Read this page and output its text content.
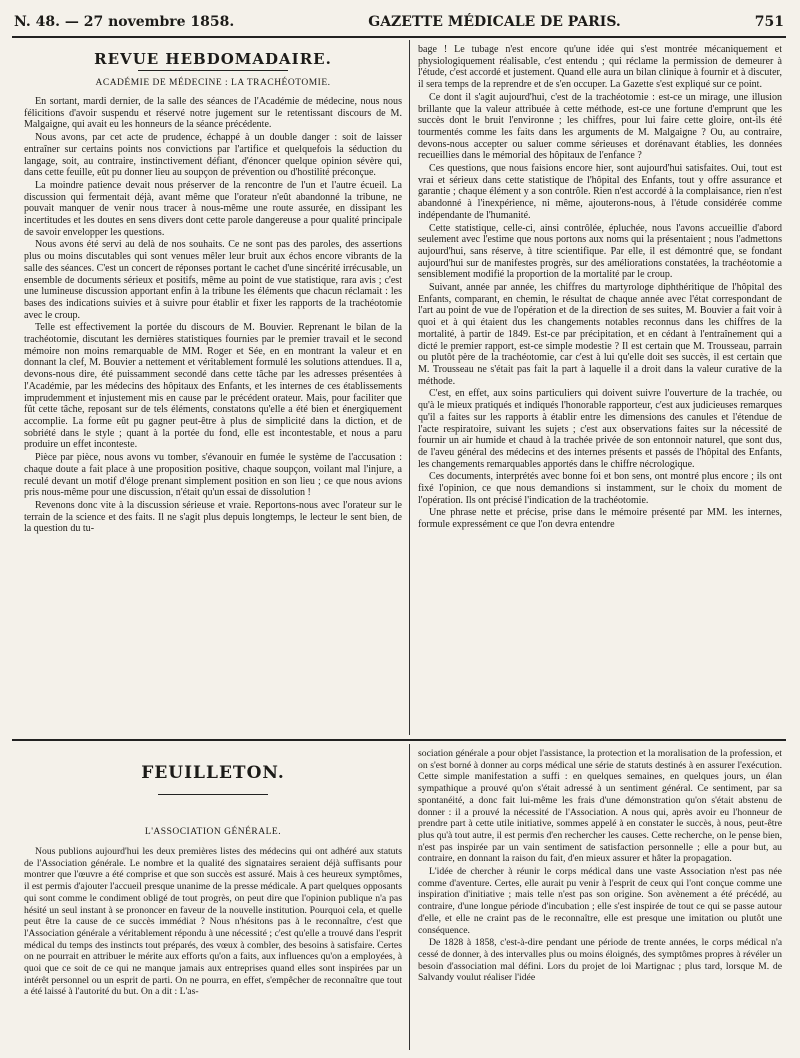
N. 48. — 27 novembre 1858.	GAZETTE MÉDICALE DE PARIS.	751
REVUE HEBDOMADAIRE.
ACADÉMIE DE MÉDECINE : LA TRACHÉOTOMIE.

En sortant, mardi dernier, de la salle des séances de l'Académie de médecine, nous nous félicitions d'avoir suspendu et réservé notre jugement sur le retentissant discours de M. Malgaigne, qui avait eu les honneurs de la séance précédente.

Nous avons, par cet acte de prudence, échappé à un double danger : soit de laisser entraîner sur certains points nos convictions par l'artifice et quelquefois la séduction du langage, soit, au contraire, instinctivement défiant, d'énoncer quelque opinion sévère qui, dans cette feuille, eût pu donner lieu au soupçon de prévention ou d'hostilité préconçue.

La moindre patience devait nous préserver de la rencontre de l'un et l'autre écueil. La discussion qui fermentait déjà, avant même que l'orateur n'eût abandonné la tribune, ne pouvait manquer de venir nous tracer à nous-même une route assurée, en dissipant les incertitudes et les doutes en sens divers dont cette parole dangereuse a pour qualité principale de savoir envelopper les questions.

Nous avons été servi au delà de nos souhaits. Ce ne sont pas des paroles, des assertions plus ou moins discutables qui sont venues mêler leur bruit aux échos encore vibrants de la salle des séances. C'est un concert de réponses portant le cachet d'une sincérité irrécusable, un ensemble de documents sérieux et positifs, même au point de vue statistique, rara avis ; c'est une lumineuse discussion apportant enfin à la tribune les éléments que chacun réclamait : les bases des indications suivies et à suivre pour établir et fixer les rapports de la trachéotomie avec le croup.

Telle est effectivement la portée du discours de M. Bouvier. Reprenant le bilan de la trachéotomie, discutant les dernières statistiques fournies par le premier travail et le second mémoire non moins remarquable de MM. Roger et Sée, en en montrant la valeur et en donnant la clef, M. Bouvier a nettement et véritablement formulé les solutions attendues. Il a, devons-nous dire, été puissamment secondé dans cette tâche par les adresses présentées à l'Académie, par les médecins des hôpitaux des Enfants, et les internes de ces établissements imprudemment et injustement mis en cause par le précédent orateur. Mais, pour faciliter que fût cette tâche, reposant sur de tels éléments, constatons qu'elle a été bien et énergiquement accomplie. La forme eût pu gagner peut-être à plus de simplicité dans la diction, et de sobriété dans le style ; quant à la portée du fond, elle est incontestable, et nous a paru produire un effet inconteste.

Pièce par pièce, nous avons vu tomber, s'évanouir en fumée le système de l'accusation : chaque doute a fait place à une proposition positive, chaque soupçon, voilant mal l'injure, a reculé devant un motif d'éloge prenant simplement position en son lieu ; ce que nous avions pris nous-même pour une discussion, n'était qu'un essai de dissolution !

Revenons donc vite à la discussion sérieuse et vraie. Reportons-nous avec l'orateur sur le terrain de la science et des faits. Il ne s'agit plus depuis longtemps, le lecteur le sent bien, de la question du tu-

bage ! Le tubage n'est encore qu'une idée qui s'est montrée mécaniquement et physiologiquement réalisable, c'est entendu ; qui réclame la permission de demeurer à l'étude, c'est accordé et justement. Quand elle aura un bilan clinique à fournir et à discuter, il sera temps de la reprendre et de s'en occuper. La Gazette s'est expliqué sur ce point.

Ce dont il s'agit aujourd'hui, c'est de la trachéotomie : est-ce un mirage, une illusion brillante que la valeur attribuée à cette méthode, est-ce une fortune d'emprunt que les succès dont le bruit l'environne ; les chiffres, pour lui faire cette gloire, ont-ils été tourmentés comme les faits dans les arguments de M. Malgaigne ? Ou, au contraire, devons-nous accepter ou saluer comme sérieuses et dorénavant établies, les données recueillies dans le mémorial des hôpitaux de l'enfance ?

Ces questions, que nous faisions encore hier, sont aujourd'hui satisfaites. Oui, tout est vrai et sérieux dans cette statistique de l'hôpital des Enfants, tout y offre assurance et garantie ; chaque élément y a son contrôle. Rien n'est accordé à la complaisance, rien n'est abandonné à l'inexpérience, ni même, ajouterons-nous, à l'étude considérée comme indépendante de l'humanité.

Cette statistique, celle-ci, ainsi contrôlée, épluchée, nous l'avons accueillie d'abord seulement avec l'estime que nous portons aux noms qui la présentaient ; nous l'admettons aujourd'hui, sans réserve, à titre scientifique. Par elle, il est démontré que, se fondant aujourd'hui sur de manifestes progrès, sur des améliorations constatées, la trachéotomie a sensiblement modifié la proportion de la mortalité par le croup.

Suivant, année par année, les chiffres du martyrologe diphthéritique de l'hôpital des Enfants, comparant, en chemin, le résultat de chaque année avec l'état correspondant de l'art au point de vue de l'opération et de la direction de ses suites, M. Bouvier a fait voir à quoi et à qui étaient dus les changements notables reconnus dans les chiffres de la mortalité, à partir de 1849. Est-ce par précipitation, et en cédant à l'entraînement qui a dicté le premier rapport, est-ce simple modestie ? Il est certain que M. Trousseau, parrain ou plutôt père de la trachéotomie, car c'est à lui qu'elle doit ses succès, il est certain que M. Trousseau ne s'était pas fait la part à laquelle il a droit dans la valeur curative de la méthode.

C'est, en effet, aux soins particuliers qui doivent suivre l'ouverture de la trachée, ou qu'à le mieux pratiqués et indiqués l'honorable rapporteur, c'est aux judicieuses remarques qu'il a faites sur les rapports à établir entre les dimensions des canules et l'étendue de l'acte respiratoire, suivant les sujets ; c'est aux observations faites sur la nécessité de fournir un air humide et chaud à la trachée privée de son entonnoir naturel, que sont dus, de l'aveu général des médecins et des internes présents et passés de l'hôpital des Enfants, les changements remarquables apportés dans le chiffre nécrologique.

Ces documents, interprétés avec bonne foi et bon sens, ont montré plus encore ; ils ont fixé l'opinion, ce que nous demandions si instamment, sur le choix du moment de l'opération. Ils ont précisé l'indication de la trachéotomie.

Une phrase nette et précise, prise dans le mémoire présenté par MM. les internes, formule expressément ce que l'on devra entendre

FEUILLETON.
L'ASSOCIATION GÉNÉRALE.

Nous publions aujourd'hui les deux premières listes des médecins qui ont adhéré aux statuts de l'Association générale. Le nombre et la qualité des signataires seraient déjà suffisants pour montrer que l'œuvre a été comprise et que son succès est assuré. Mais à ces heureux symptômes, il est permis d'ajouter l'accueil presque unanime de la presse médicale. A part quelques opposants qui sont comme le condiment obligé de tout progrès, on peut dire que l'opinion publique n'a pas hésité un seul instant à se prononcer en faveur de la nouvelle institution. Pourquoi cela, et quelle peut être la cause de ce succès immédiat ? Nous n'hésitons pas à le reconnaître, c'est que l'Association générale a véritablement répondu à une nécessité ; c'est qu'elle a trouvé dans l'esprit médical du temps des instincts tout préparés, des vœux à combler, des besoins à satisfaire. Certes on ne pourrait en attribuer le mérite aux efforts qu'on a faits, aux influences qu'on a employées, à quoi que ce soit de ce qui ne manque jamais aux entreprises quand elles sont inspirées par un intérêt personnel ou un esprit de parti. On ne pourra, en effet, s'empêcher de reconnaître que tout a été laissé à l'autorité du but. On a dit : L'as-

sociation générale a pour objet l'assistance, la protection et la moralisation de la profession, et on s'est borné à donner au corps médical une série de statuts destinés à en assurer l'exécution. Cette simple manifestation a suffi : en quelques semaines, en quelques jours, un élan sympathique a prouvé qu'on s'était adressé à un sentiment général. Ce sentiment, par sa spontanéité, a donc fait lui-même les frais d'une démonstration qu'on s'était abstenu de donner : il a prouvé la nécessité de l'Association. A nous qui, après avoir eu l'honneur de prendre part à cette utile initiative, sommes appelé à en constater le succès, à nous, peut-être plus qu'à tout autre, il est permis d'en rechercher les causes. Cette recherche, on le pense bien, n'est pas inspirée par un vain sentiment de satisfaction personnelle ; elle a pour but, au contraire, en donnant la raison du fait, d'en mieux assurer et hâter la propagation.

L'idée de chercher à réunir le corps médical dans une vaste Association n'est pas née comme d'aventure. Certes, elle aurait pu venir à l'esprit de ceux qui l'ont conçue comme une inspiration d'initiative ; mais telle n'est pas son origine. Son avènement a été précédé, au contraire, d'une longue période d'incubation ; elle s'est inspirée de tout ce qui se passe autour d'elle, et elle ne craint pas de le reconnaître, elle est presque une imitation ou plutôt une conséquence.

De 1828 à 1858, c'est-à-dire pendant une période de trente années, le corps médical n'a cessé de donner, à des intervalles plus ou moins éloignés, des symptômes propres à révéler un besoin d'association mal défini. Lors du projet de loi Martignac ; plus tard, lorsque M. de Salvandy voulut réaliser l'idée
